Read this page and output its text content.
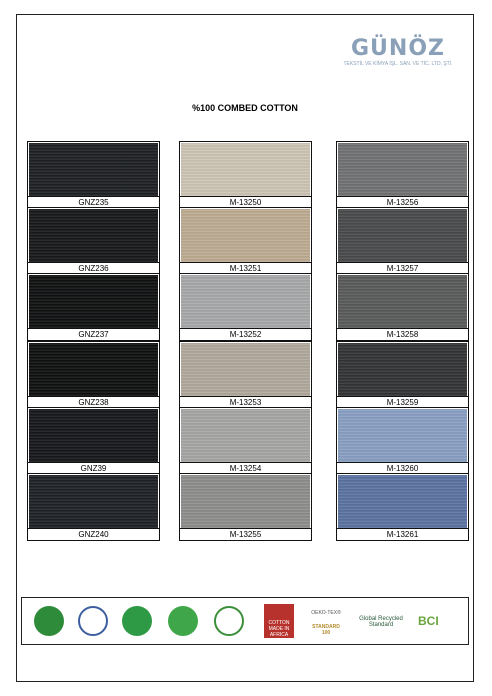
GÜNÖZ
TEKSTİL VE KİMYA İŞL. SAN. VE TİC. LTD. ŞTİ.
%100 COMBED COTTON
GNZ235
GNZ236
GNZ237
GNZ238
GNZ39
GNZ240
M-13250
M-13251
M-13252
M-13253
M-13254
M-13255
M-13256
M-13257
M-13258
M-13259
M-13260
M-13261
COTTON MADE IN AFRICA
OEKO-TEX®
STANDARD 100
Global Recycled Standard	BCI
